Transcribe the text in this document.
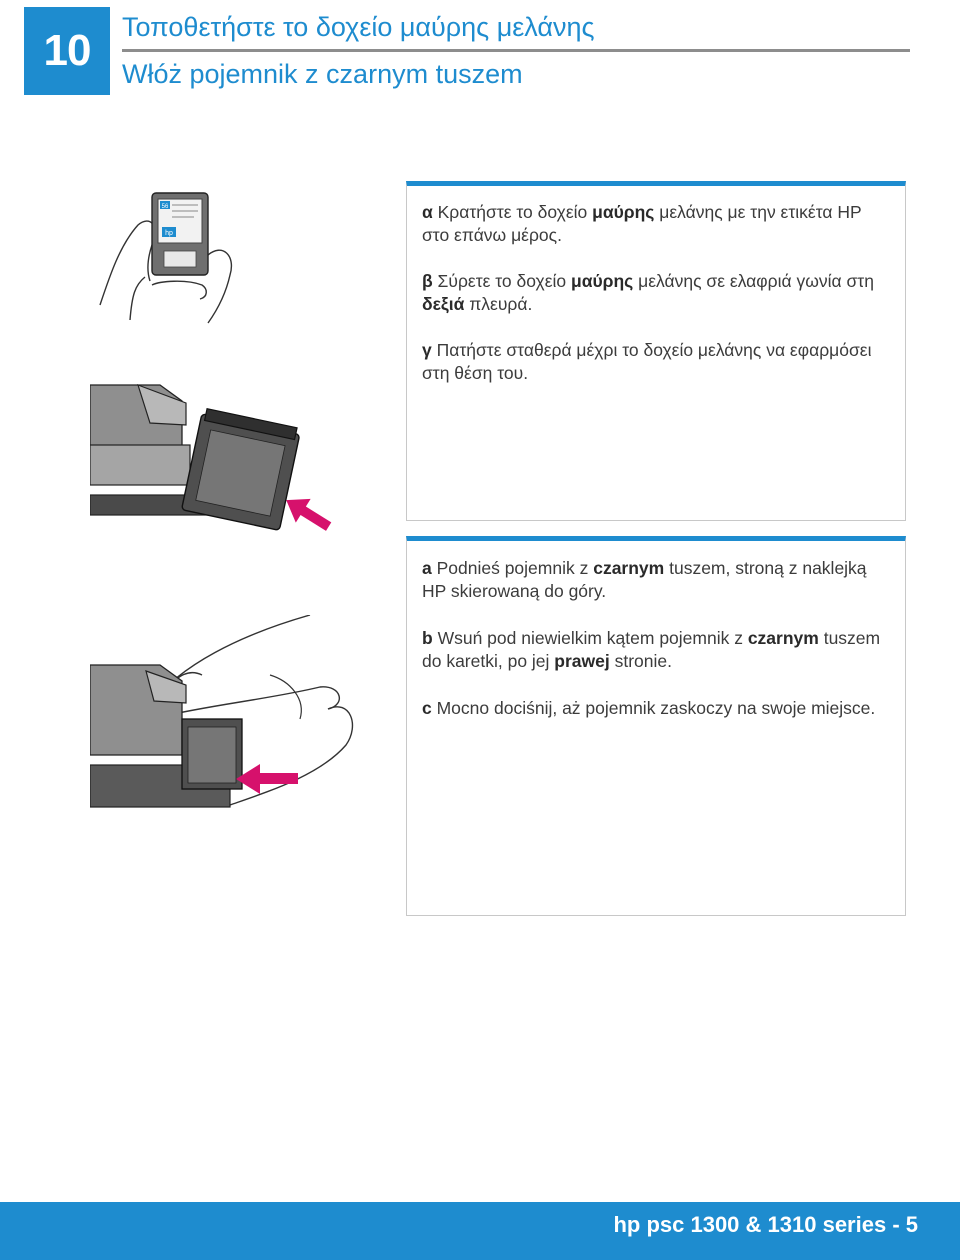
10	Τοποθετήστε το δοχείο μαύρης μελάνης
Włóż pojemnik z czarnym tuszem
α Κρατήστε το δοχείο μαύρης μελάνης με την ετικέτα HP στο επάνω μέρος.
β Σύρετε το δοχείο μαύρης μελάνης σε ελαφριά γωνία στη δεξιά πλευρά.
γ Πατήστε σταθερά μέχρι το δοχείο μελάνης να εφαρμόσει στη θέση του.
a Podnieś pojemnik z czarnym tuszem, stroną z naklejką HP skierowaną do góry.
b Wsuń pod niewielkim kątem pojemnik z czarnym tuszem do karetki, po jej prawej stronie.
c Mocno dociśnij, aż pojemnik zaskoczy na swoje miejsce.
56
hp
hp psc 1300 & 1310 series - 5
